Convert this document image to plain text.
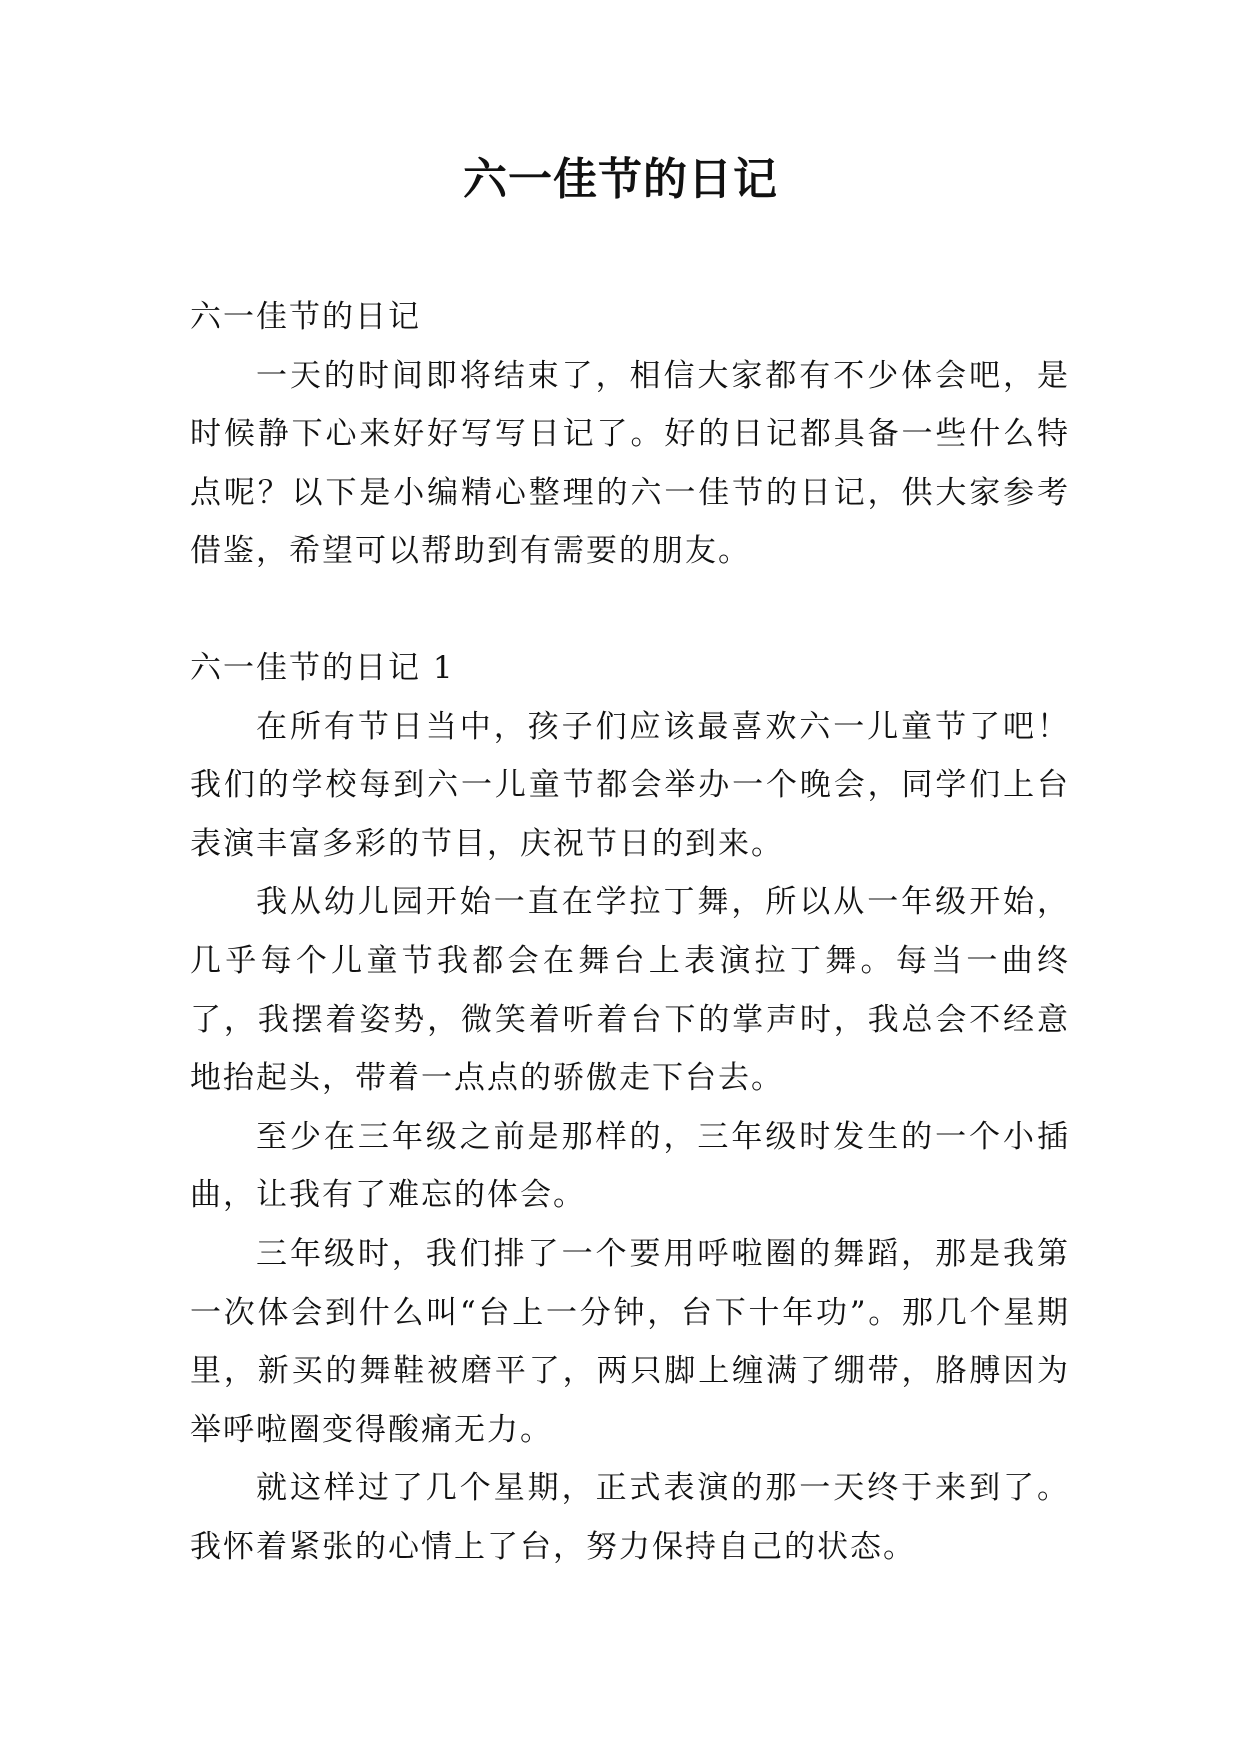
六一佳节的日记

六一佳节的日记

一天的时间即将结束了，相信大家都有不少体会吧，是时候静下心来好好写写日记了。好的日记都具备一些什么特点呢？以下是小编精心整理的六一佳节的日记，供大家参考借鉴，希望可以帮助到有需要的朋友。

六一佳节的日记 1

在所有节日当中，孩子们应该最喜欢六一儿童节了吧！我们的学校每到六一儿童节都会举办一个晚会，同学们上台表演丰富多彩的节目，庆祝节日的到来。

我从幼儿园开始一直在学拉丁舞，所以从一年级开始，几乎每个儿童节我都会在舞台上表演拉丁舞。每当一曲终了，我摆着姿势，微笑着听着台下的掌声时，我总会不经意地抬起头，带着一点点的骄傲走下台去。

至少在三年级之前是那样的，三年级时发生的一个小插曲，让我有了难忘的体会。

三年级时，我们排了一个要用呼啦圈的舞蹈，那是我第一次体会到什么叫“台上一分钟，台下十年功”。那几个星期里，新买的舞鞋被磨平了，两只脚上缠满了绷带，胳膊因为举呼啦圈变得酸痛无力。

就这样过了几个星期，正式表演的那一天终于来到了。我怀着紧张的心情上了台，努力保持自己的状态。
